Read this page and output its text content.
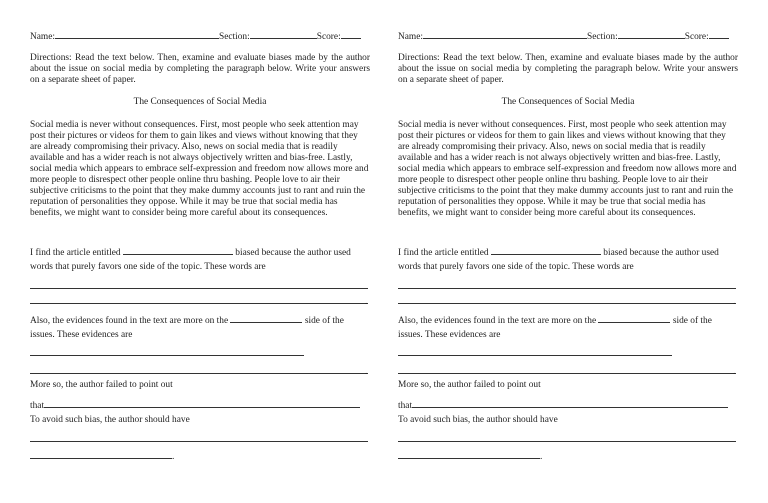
Name:	Section:	Score:
Directions: Read the text below. Then, examine and evaluate biases made by the author about the issue on social media by completing the paragraph below. Write your answers on a separate sheet of paper.
The Consequences of Social Media
Social media is never without consequences. First, most people who seek attention may post their pictures or videos for them to gain likes and views without knowing that they are already compromising their privacy. Also, news on social media that is readily available and has a wider reach is not always objectively written and bias-free. Lastly, social media which appears to embrace self-expression and freedom now allows more and more people to disrespect other people online thru bashing. People love to air their subjective criticisms to the point that they make dummy accounts just to rant and ruin the reputation of personalities they oppose. While it may be true that social media has benefits, we might want to consider being more careful about its consequences.
I find the article entitled	biased because the author used
words that purely favors one side of the topic. These words are
.
Also, the evidences found in the text are more on the	side of the
issues. These evidences are
.
More so, the author failed to point out
that
To avoid such bias, the author should have
.
Name:	Section:	Score:
Directions: Read the text below. Then, examine and evaluate biases made by the author about the issue on social media by completing the paragraph below. Write your answers on a separate sheet of paper.
The Consequences of Social Media
Social media is never without consequences. First, most people who seek attention may post their pictures or videos for them to gain likes and views without knowing that they are already compromising their privacy. Also, news on social media that is readily available and has a wider reach is not always objectively written and bias-free. Lastly, social media which appears to embrace self-expression and freedom now allows more and more people to disrespect other people online thru bashing. People love to air their subjective criticisms to the point that they make dummy accounts just to rant and ruin the reputation of personalities they oppose. While it may be true that social media has benefits, we might want to consider being more careful about its consequences.
I find the article entitled	biased because the author used
words that purely favors one side of the topic. These words are
.
Also, the evidences found in the text are more on the	side of the
issues. These evidences are
.
More so, the author failed to point out
that
To avoid such bias, the author should have
.
